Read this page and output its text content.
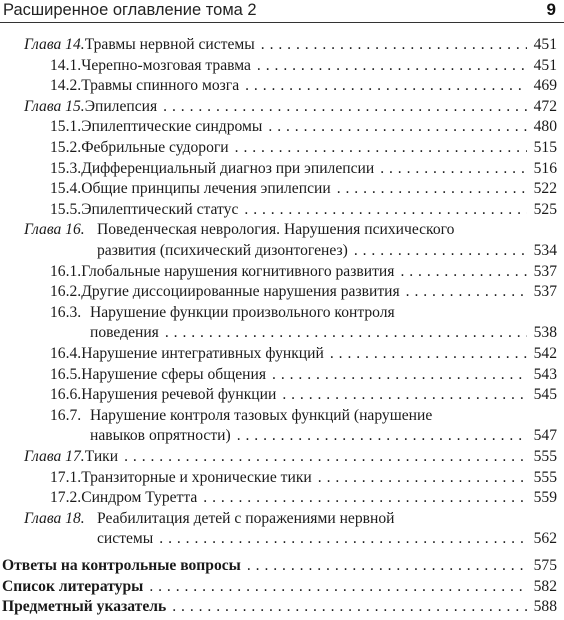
Расширенное оглавление тома 2	9
Глава 14. Травмы нервной системы . . .	451
14.1. Черепно-мозговая травма . . .	451
14.2. Травмы спинного мозга . . .	469
Глава 15. Эпилепсия . . .	472
15.1. Эпилептические синдромы . . .	480
15.2. Фебрильные судороги . . .	515
15.3. Дифференциальный диагноз при эпилепсии . . .	516
15.4. Общие принципы лечения эпилепсии . . .	522
15.5. Эпилептический статус . . .	525
Глава 16. Поведенческая неврология. Нарушения психического
развития (психический дизонтогенез) . . .	534
16.1. Глобальные нарушения когнитивного развития . . .	537
16.2. Другие диссоциированные нарушения развития . . .	537
16.3. Нарушение функции произвольного контроля
поведения . . .	538
16.4. Нарушение интегративных функций . . .	542
16.5. Нарушение сферы общения . . .	543
16.6. Нарушения речевой функции . . .	545
16.7. Нарушение контроля тазовых функций (нарушение
навыков опрятности) . . .	547
Глава 17. Тики . . .	555
17.1. Транзиторные и хронические тики . . .	555
17.2. Синдром Туретта . . .	559
Глава 18. Реабилитация детей с поражениями нервной
системы . . .	562
Ответы на контрольные вопросы . . .	575
Список литературы . . .	582
Предметный указатель . . .	588
